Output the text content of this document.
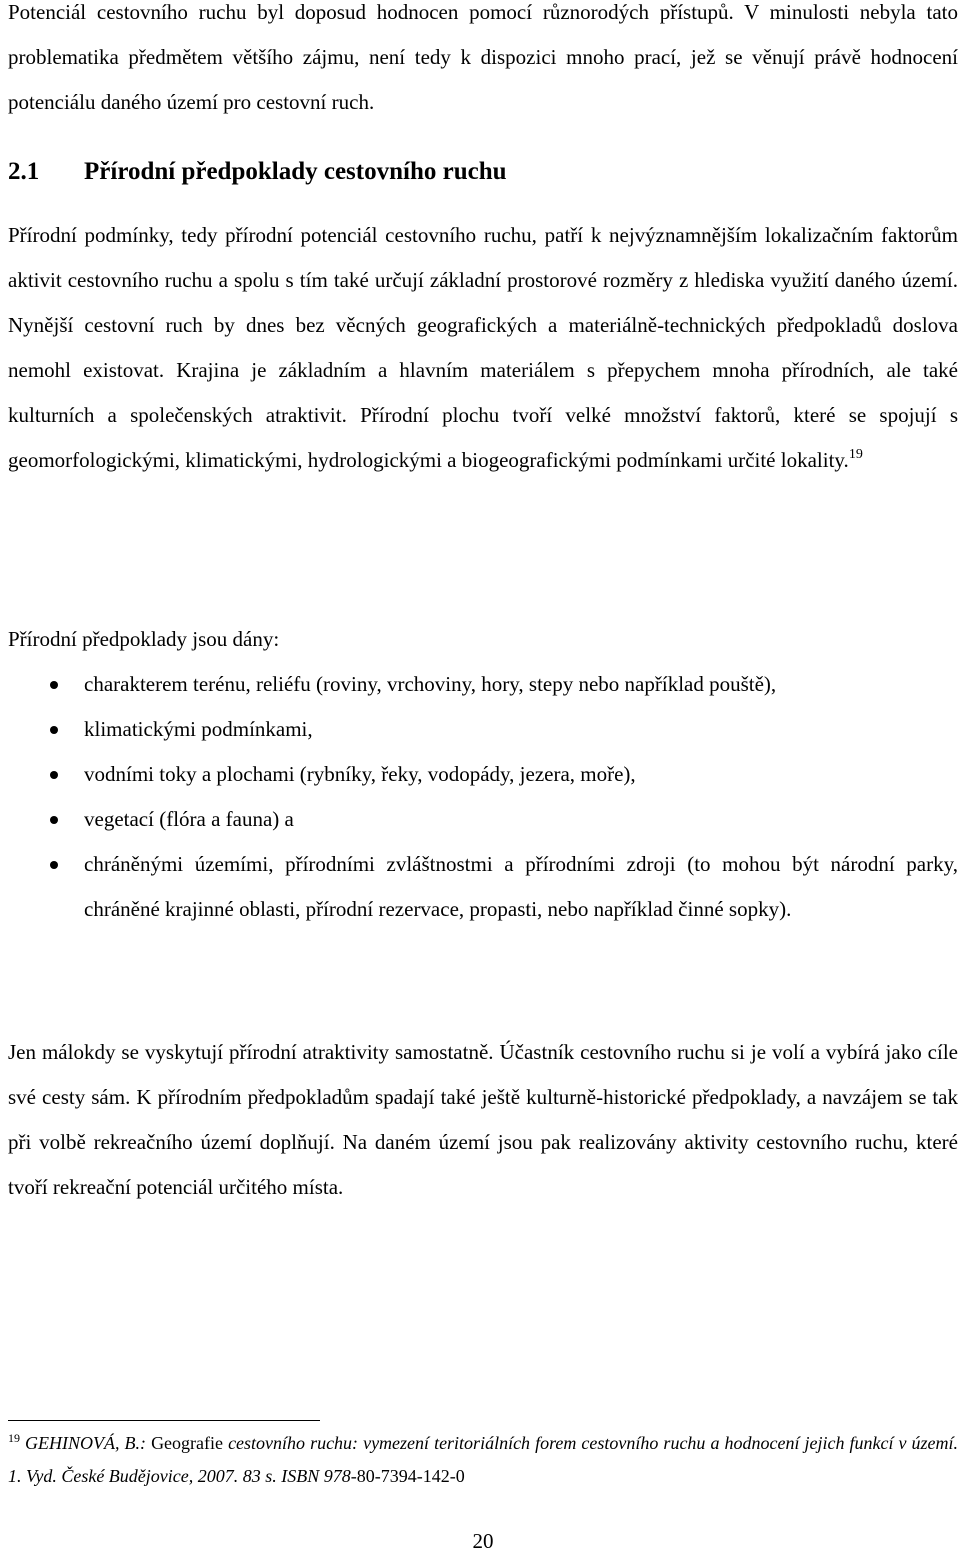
Potenciál cestovního ruchu byl doposud hodnocen pomocí různorodých přístupů. V minulosti nebyla tato problematika předmětem většího zájmu, není tedy k dispozici mnoho prací, jež se věnují právě hodnocení potenciálu daného území pro cestovní ruch.

2.1 Přírodní předpoklady cestovního ruchu

Přírodní podmínky, tedy přírodní potenciál cestovního ruchu, patří k nejvýznamnějším lokalizačním faktorům aktivit cestovního ruchu a spolu s tím také určují základní prostorové rozměry z hlediska využití daného území. Nynější cestovní ruch by dnes bez věcných geografických a materiálně-technických předpokladů doslova nemohl existovat. Krajina je základním a hlavním materiálem s přepychem mnoha přírodních, ale také kulturních a společenských atraktivit. Přírodní plochu tvoří velké množství faktorů, které se spojují s geomorfologickými, klimatickými, hydrologickými a biogeografickými podmínkami určité lokality.$^{19}$

Přírodní předpoklady jsou dány:

charakterem terénu, reliéfu (roviny, vrchoviny, hory, stepy nebo například pouště),
klimatickými podmínkami,
vodními toky a plochami (rybníky, řeky, vodopády, jezera, moře),
vegetací (flóra a fauna) a
chráněnými územími, přírodními zvláštnostmi a přírodními zdroji (to mohou být národní parky, chráněné krajinné oblasti, přírodní rezervace, propasti, nebo například činné sopky).

Jen málokdy se vyskytují přírodní atraktivity samostatně. Účastník cestovního ruchu si je volí a vybírá jako cíle své cesty sám. K přírodním předpokladům spadají také ještě kulturně-historické předpoklady, a navzájem se tak při volbě rekreačního území doplňují. Na daném území jsou pak realizovány aktivity cestovního ruchu, které tvoří rekreační potenciál určitého místa.

$^{19}$ GEHINOVÁ, B.: Geografie cestovního ruchu: vymezení teritoriálních forem cestovního ruchu a hodnocení jejich funkcí v území. 1. Vyd. České Budějovice, 2007. 83 s. ISBN 978-80-7394-142-0
20
